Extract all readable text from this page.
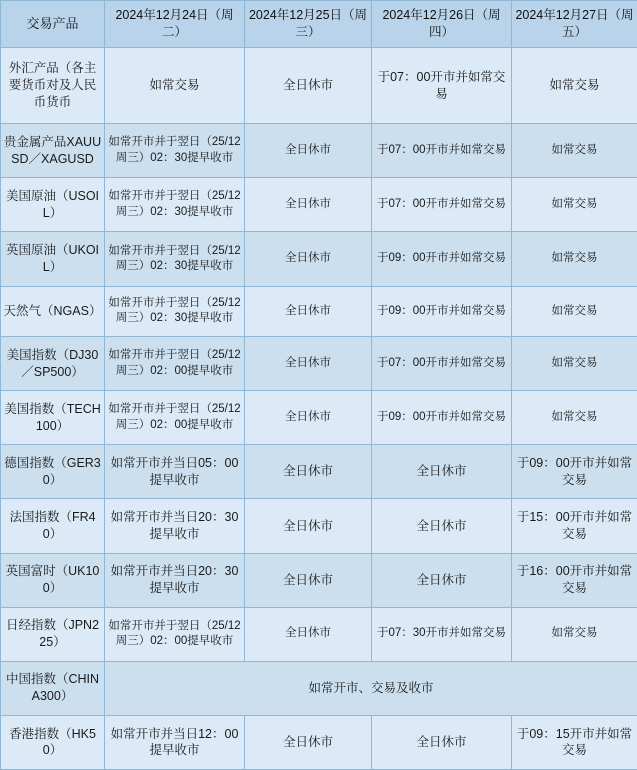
交易产品	2024年12月24日（周二）	2024年12月25日（周三）	2024年12月26日（周四）	2024年12月27日（周五）
外汇产品（各主要货币对及人民币货币	如常交易	全日休市	于07：00开市并如常交易	如常交易
贵金属产品XAUUSD／XAGUSD	如常开市并于翌日（25/12周三）02：30提早收市	全日休市	于07：00开市并如常交易	如常交易
美国原油（USOIL）	如常开市并于翌日（25/12周三）02：30提早收市	全日休市	于07：00开市并如常交易	如常交易
英国原油（UKOIL）	如常开市并于翌日（25/12周三）02：30提早收市	全日休市	于09：00开市并如常交易	如常交易
天然气（NGAS）	如常开市并于翌日（25/12周三）02：30提早收市	全日休市	于09：00开市并如常交易	如常交易
美国指数（DJ30／SP500）	如常开市并于翌日（25/12周三）02：00提早收市	全日休市	于07：00开市并如常交易	如常交易
美国指数（TECH100）	如常开市并于翌日（25/12周三）02：00提早收市	全日休市	于09：00开市并如常交易	如常交易
德国指数（GER30）	如常开市并当日05：00提早收市	全日休市	全日休市	于09：00开市并如常交易
法国指数（FR40）	如常开市并当日20：30提早收市	全日休市	全日休市	于15：00开市并如常交易
英国富时（UK100）	如常开市并当日20：30提早收市	全日休市	全日休市	于16：00开市并如常交易
日经指数（JPN225）	如常开市并于翌日（25/12周三）02：00提早收市	全日休市	于07：30开市并如常交易	如常交易
中国指数（CHINA300）	如常开市、交易及收市			
香港指数（HK50）	如常开市并当日12：00提早收市	全日休市	全日休市	于09：15开市并如常交易
